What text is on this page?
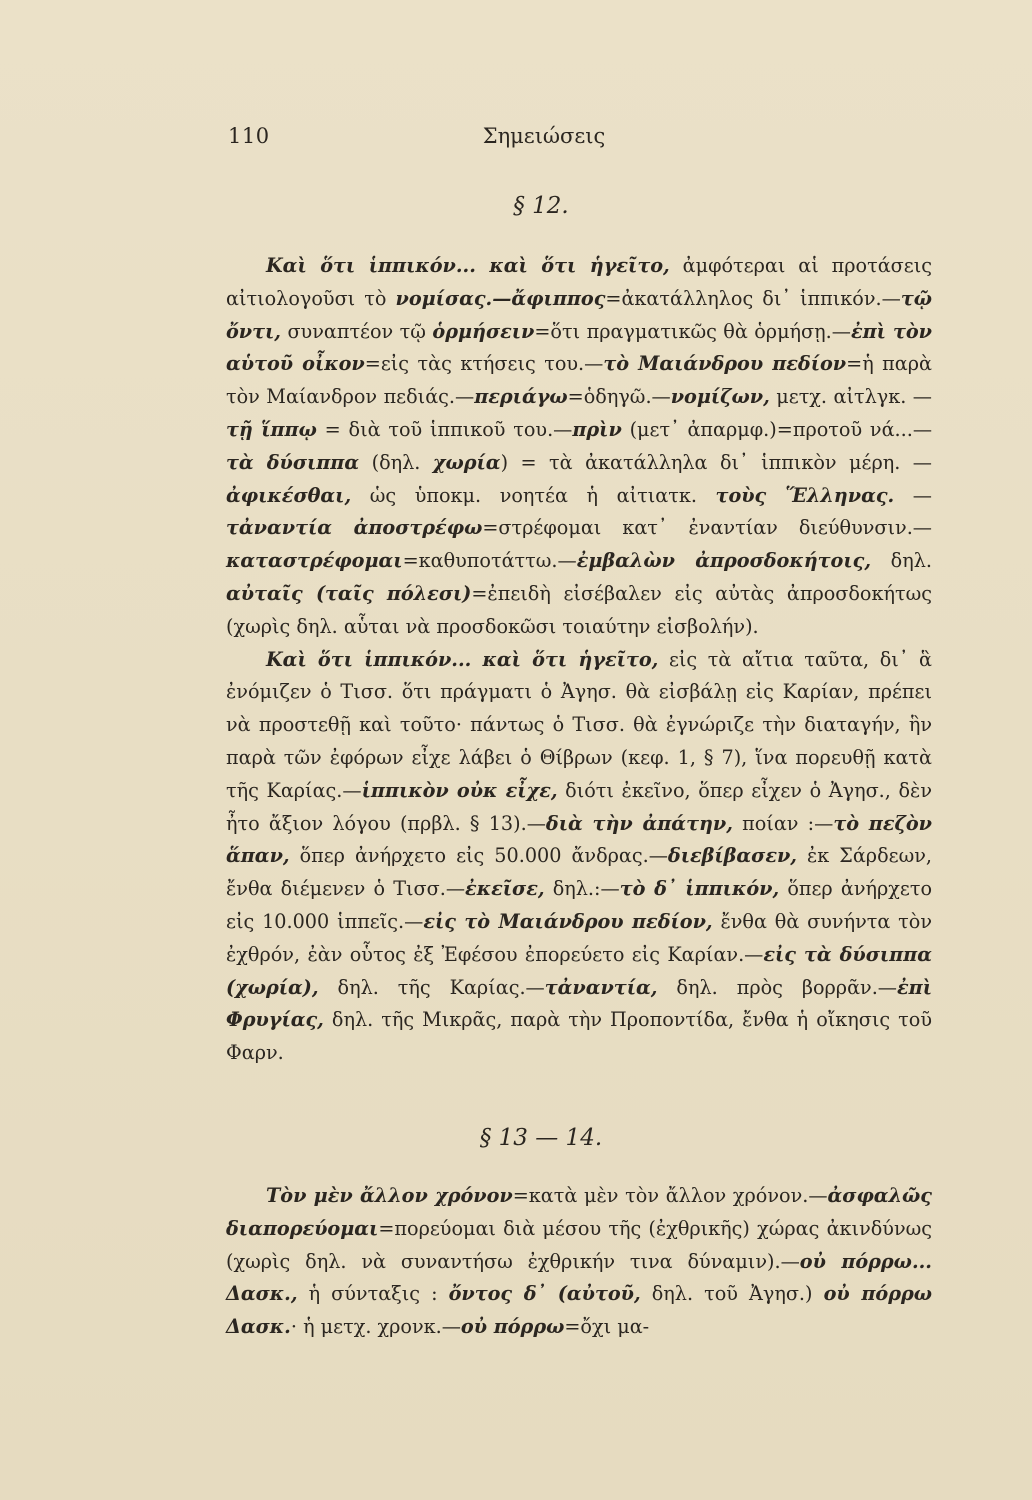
110	Σημειώσεις
§ 12.

Καὶ ὅτι ἱππικόν... καὶ ὅτι ἡγεῖτο, ἀμφότεραι αἱ προτάσεις αἰτιολογοῦσι τὸ νομίσας.—ἄφιππος=ἀκατάλληλος δι᾽ ἱππικόν.—τῷ ὄντι, συναπτέον τῷ ὁρμήσειν=ὅτι πραγματικῶς θὰ ὁρμήσῃ.—ἐπὶ τὸν αὑτοῦ οἶκον=εἰς τὰς κτήσεις του.—τὸ Μαιάνδρου πεδίον=ἡ παρὰ τὸν Μαίανδρον πεδιάς.—περιάγω=ὁδηγῶ.—νομίζων, μετχ. αἰτλγκ. — τῇ ἵππῳ = διὰ τοῦ ἱππικοῦ του.—πρὶν (μετ᾽ ἀπαρμφ.)=προτοῦ νά...—τὰ δύσιππα (δηλ. χωρία) = τὰ ἀκατάλληλα δι᾽ ἱππικὸν μέρη. — ἀφικέσθαι, ὡς ὑποκμ. νοητέα ἡ αἰτιατκ. τοὺς Ἕλληνας. — τἀναντία ἀποστρέφω=στρέφομαι κατ᾽ ἐναντίαν διεύθυνσιν.—καταστρέφομαι=καθυποτάττω.—ἐμβαλὼν ἀπροσδοκήτοις, δηλ. αὐταῖς (ταῖς πόλεσι)=ἐπειδὴ εἰσέβαλεν εἰς αὐτὰς ἀπροσδοκήτως (χωρὶς δηλ. αὗται νὰ προσδοκῶσι τοιαύτην εἰσβολήν).

Καὶ ὅτι ἱππικόν... καὶ ὅτι ἡγεῖτο, εἰς τὰ αἴτια ταῦτα, δι᾽ ἃ ἐνόμιζεν ὁ Τισσ. ὅτι πράγματι ὁ Ἀγησ. θὰ εἰσβάλῃ εἰς Καρίαν, πρέπει νὰ προστεθῇ καὶ τοῦτο· πάντως ὁ Τισσ. θὰ ἐγνώριζε τὴν διαταγήν, ἣν παρὰ τῶν ἐφόρων εἶχε λάβει ὁ Θίβρων (κεφ. 1, § 7), ἵνα πορευθῇ κατὰ τῆς Καρίας.—ἱππικὸν οὐκ εἶχε, διότι ἐκεῖνο, ὅπερ εἶχεν ὁ Ἀγησ., δὲν ἦτο ἄξιον λόγου (πρβλ. § 13).—διὰ τὴν ἀπάτην, ποίαν :—τὸ πεζὸν ἅπαν, ὅπερ ἀνήρχετο εἰς 50.000 ἄνδρας.—διεβίβασεν, ἐκ Σάρδεων, ἔνθα διέμενεν ὁ Τισσ.—ἐκεῖσε, δηλ.:—τὸ δ᾽ ἱππικόν, ὅπερ ἀνήρχετο εἰς 10.000 ἱππεῖς.—εἰς τὸ Μαιάνδρου πεδίον, ἔνθα θὰ συνήντα τὸν ἐχθρόν, ἐὰν οὗτος ἐξ Ἐφέσου ἐπορεύετο εἰς Καρίαν.—εἰς τὰ δύσιππα (χωρία), δηλ. τῆς Καρίας.—τἀναντία, δηλ. πρὸς βορρᾶν.—ἐπὶ Φρυγίας, δηλ. τῆς Μικρᾶς, παρὰ τὴν Προποντίδα, ἔνθα ἡ οἴκησις τοῦ Φαρν.

§ 13 — 14.

Τὸν μὲν ἄλλον χρόνον=κατὰ μὲν τὸν ἄλλον χρόνον.—ἀσφαλῶς διαπορεύομαι=πορεύομαι διὰ μέσου τῆς (ἐχθρικῆς) χώρας ἀκινδύνως (χωρὶς δηλ. νὰ συναντήσω ἐχθρικήν τινα δύναμιν).—οὐ πόρρω... Δασκ., ἡ σύνταξις : ὄντος δ᾽ (αὐτοῦ, δηλ. τοῦ Ἀγησ.) οὐ πόρρω Δασκ.· ἡ μετχ. χρονκ.—οὐ πόρρω=ὄχι μα-
